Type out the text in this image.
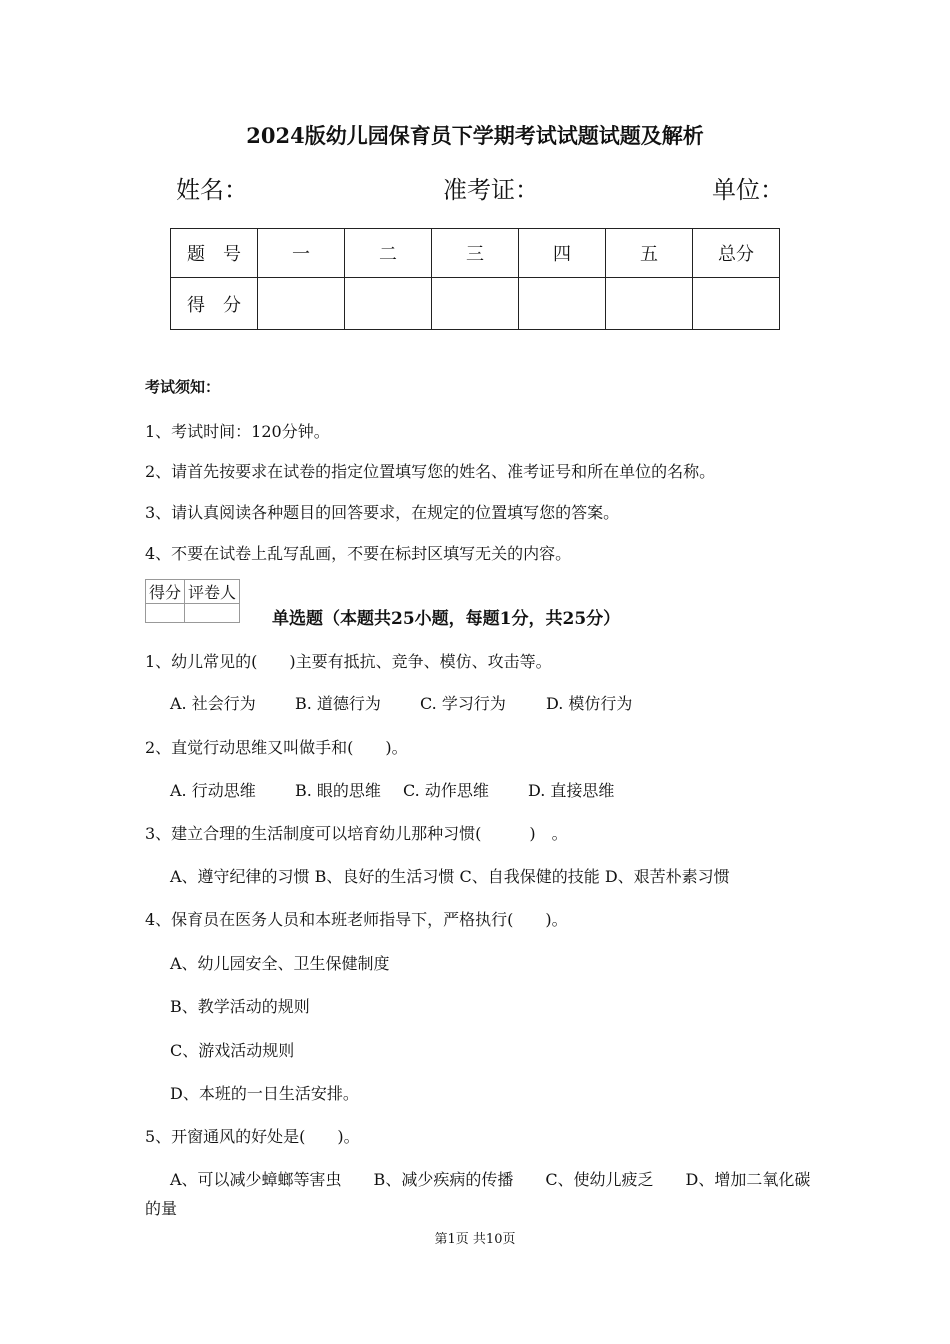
2024版幼儿园保育员下学期考试试题试题及解析
姓名：	准考证：	单位：
题　号	一	二	三	四	五	总分
得　分						
考试须知：
1、考试时间：120分钟。
2、请首先按要求在试卷的指定位置填写您的姓名、准考证号和所在单位的名称。
3、请认真阅读各种题目的回答要求，在规定的位置填写您的答案。
4、不要在试卷上乱写乱画，不要在标封区填写无关的内容。
得分	评卷人

单选题（本题共25小题，每题1分，共25分）
1、幼儿常见的(　　)主要有抵抗、竞争、模仿、攻击等。
A. 社会行为 B. 道德行为 C. 学习行为	D. 模仿行为
2、直觉行动思维又叫做手和(　　)。
A. 行动思维 B. 眼的思维 C. 动作思维 D. 直接思维
3、建立合理的生活制度可以培育幼儿那种习惯(　　　)　。
A、遵守纪律的习惯 B、良好的生活习惯 C、自我保健的技能 D、艰苦朴素习惯
4、保育员在医务人员和本班老师指导下，严格执行(　　)。
A、幼儿园安全、卫生保健制度
B、教学活动的规则
C、游戏活动规则
D、本班的一日生活安排。
5、开窗通风的好处是(　　)。
A、可以减少蟑螂等害虫　　B、减少疾病的传播　　C、使幼儿疲乏　　D、增加二氧化碳
的量
第1页 共10页
